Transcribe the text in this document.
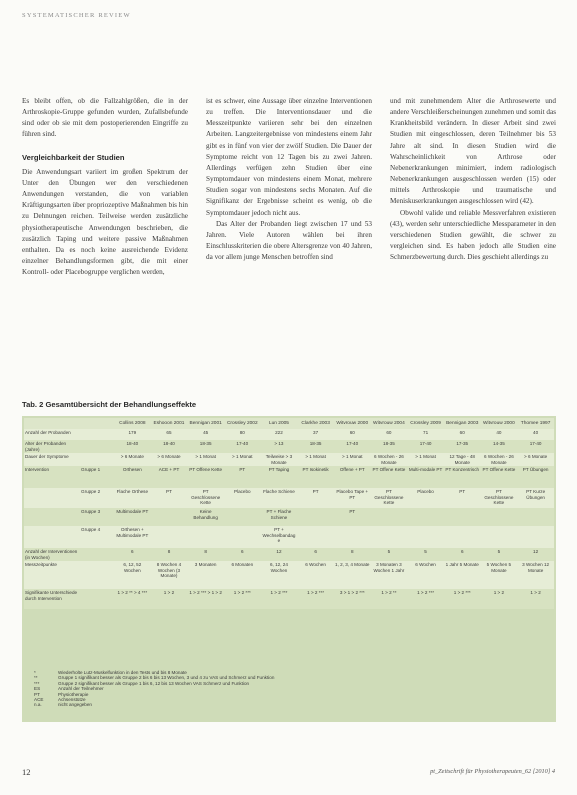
SYSTEMATISCHER REVIEW

Es bleibt offen, ob die Fallzahlgrößen, die in der Arthroskopie-Gruppe gefunden wurden, Zufallsbefunde sind oder ob sie mit dem postoperierenden Eingriffe zu führen sind.

Vergleichbarkeit der Studien

Die Anwendungsart variiert im großen Spektrum der Unter den Übungen wer den verschiedenen Anwendungen verstanden, die von variablen Kräftigungsarten über propriozeptive Maßnahmen bis hin zu Dehnungen reichen. Teilweise werden zusätzliche physiotherapeutische Anwendungen beschrieben, die zusätzlich Taping und weitere passive Maßnahmen enthalten. Da es noch keine ausreichende Evidenz einzelner Behandlungsformen gibt, die mit einer Kontroll- oder Placebogruppe verglichen werden,

ist es schwer, eine Aussage über einzelne Interventionen zu treffen. Die Interventionsdauer und die Messzeitpunkte variieren sehr bei den einzelnen Arbeiten. Langzeitergebnisse von mindestens einem Jahr gibt es in fünf von vier der zwölf Studien. Die Dauer der Symptome reicht von 12 Tagen bis zu zwei Jahren. Allerdings verfügen zehn Studien über eine Symptomdauer von mindestens einem Monat, mehrere Studien sogar von mindestens sechs Monaten. Auf die Signifikanz der Ergebnisse scheint es wenig, ob die Symptomdauer jedoch nicht aus.

Das Alter der Probanden liegt zwischen 17 und 53 Jahren. Viele Autoren wählen bei ihren Einschlusskriterien die obere Altersgrenze von 40 Jahren, da vor allem junge Menschen betroffen sind

und mit zunehmendem Alter die Arthrosewerte und andere Verschleißerscheinungen zunehmen und somit das Krankheitsbild verändern. In dieser Arbeit sind zwei Studien mit eingeschlossen, deren Teilnehmer bis 53 Jahre alt sind. In diesen Studien wird die Wahrscheinlichkeit von Arthrose oder Nebenerkrankungen minimiert, indem radiologisch Nebenerkrankungen ausgeschlossen werden (15) oder mittels Arthroskopie und traumatische und Meniskuserkrankungen ausgeschlossen wird (42).

Obwohl valide und reliable Messverfahren existieren (43), werden sehr unterschiedliche Messparameter in den verschiedenen Studien gewählt, die schwer zu vergleichen sind. Es haben jedoch alle Studien eine Schmerzbewertung durch. Dies geschieht allerdings zu

Tab. 2 Gesamtübersicht der Behandlungseffekte
		Collins 2008	Eshooon 2001	Bennigan 2001	Crossley 2002	Lun 2005	Clarkhe 2003	Witvrouw 2000	Witvrouw 2004	Crossley 2009	Bennigan 2003	Witvrouw 2000	Thomee 1997
Anzahl der Probanden		179	65	45	80	222	37	60	60	71	60	40	40
Alter der Probanden (Jahre)		18-40	18-40	18-35	17-40	> 13	18-35	17-40	18-35	17-40	17-35	14-35	17-40
Dauer der Symptome		> 6 Monate	> 6 Monate	> 1 Monat	> 1 Monat	Teilweise > 3 Monate	> 1 Monat	> 1 Monat	6 Wochen - 26 Monate	> 1 Monat	12 Tage - 48 Monate	6 Wochen - 26 Monate	> 6 Monate
Intervention	Gruppe 1	Orthesen	ACE + PT	PT Offene Kette	PT	PT Taping	PT Isokinetik	Offene + PT	PT Offene Kette	Multi-modale PT	PT Konzentrisch	PT Offene Kette	PT Übungen
	Gruppe 2	Flache Orthese	PT	PT Geschlossene Kette	Placebo	Flache Schiene	PT	Placebo Tape + PT	PT Geschlossene Kette	Placebo	PT	PT Geschlossene Kette	PT Kurze Übungen
	Gruppe 3	Multimodale PT		Keine Behandlung		PT + Flache Schiene		PT					
	Gruppe 4	Orthesen + Multimodale PT				PT + Wechselbandage							
Anzahl der Interventionen (in Wochen)		6	8	8	6	12	6	8	5	5	6	5	12
Messzeitpunkte		6, 12, 52 Wochen	8 Wochen 4 Wochen (3 Monate)	3 Monaten	6 Monaten	6, 12, 24 Wochen	6 Wochen	1, 2, 3, 4 Monate	3 Monaten 3 Wochen 1 Jahr	6 Wochen	1 Jahr 5 Monate	5 Wochen 5 Monate	3 Wochen 12 Monate
Signifikante Unterschiede durch Intervention		1 > 2 ** > 4 ***	1 > 2	1 > 2 *** > 1 > 2	1 > 2 ***	1 > 2 ***	1 > 2 ***	3 > 1 > 2 ***	1 > 2 **	1 > 2 ***	1 > 2 ***	1 > 2	1 > 2
*	Wiederholte Lutz-Muskelfunktion in den Tests und bis 8 Monate
**	Gruppe 1 signifikant besser als Gruppe 2 bis 6 bis 13 Wochen, 3 und 4 zu VAS und Schmerz und Funktion
***	Gruppe 2 signifikant besser als Gruppe 1 bis 6, 12 bis 13 Wochen VAS Schmerz und Funktion
ES	Anzahl der Teilnehmer
PT	Physiotherapie
ACE	Achsenstütze
n.a.	nicht angegeben
12	pt_Zeitschrift für Physiotherapeuten_62 [2010] 4
